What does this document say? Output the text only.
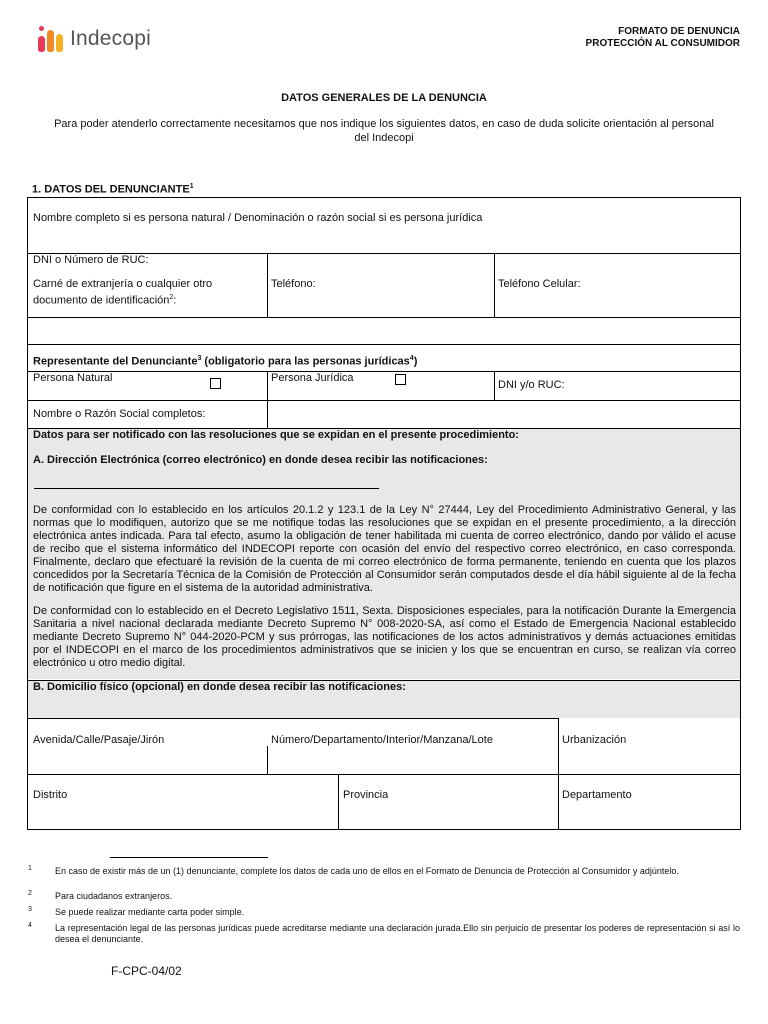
Indecopi	FORMATO DE DENUNCIA
PROTECCIÓN AL CONSUMIDOR
DATOS GENERALES DE LA DENUNCIA
Para poder atenderlo correctamente necesitamos que nos indique los siguientes datos, en caso de duda solicite orientación al personal del Indecopi
1. DATOS DEL DENUNCIANTE$^1$
Nombre completo si es persona natural / Denominación o razón social si es persona jurídica
DNI o Número de RUC:
Carné de extranjería o cualquier otro documento de identificación$^2$:
Teléfono:	Teléfono Celular:
Representante del Denunciante$^3$ (obligatorio para las personas jurídicas$^4$)
Persona Natural	Persona Jurídica
DNI y/o RUC:
Nombre o Razón Social completos:
Datos para ser notificado con las resoluciones que se expidan en el presente procedimiento:
A. Dirección Electrónica (correo electrónico) en donde desea recibir las notificaciones:
De conformidad con lo establecido en los artículos 20.1.2 y 123.1 de la Ley N° 27444, Ley del Procedimiento Administrativo General, y las normas que lo modifiquen, autorizo que se me notifique todas las resoluciones que se expidan en el presente procedimiento, a la dirección electrónica antes indicada. Para tal efecto, asumo la obligación de tener habilitada mi cuenta de correo electrónico, dando por válido el acuse de recibo que el sistema informático del INDECOPI reporte con ocasión del envío del respectivo correo electrónico, en caso corresponda. Finalmente, declaro que efectuaré la revisión de la cuenta de mi correo electrónico de forma permanente, teniendo en cuenta que los plazos concedidos por la Secretaría Técnica de la Comisión de Protección al Consumidor serán computados desde el día hábil siguiente al de la fecha de notificación que figure en el sistema de la autoridad administrativa.
De conformidad con lo establecido en el Decreto Legislativo 1511, Sexta. Disposiciones especiales, para la notificación Durante la Emergencia Sanitaria a nivel nacional declarada mediante Decreto Supremo N° 008-2020-SA, así como el Estado de Emergencia Nacional establecido mediante Decreto Supremo N° 044-2020-PCM y sus prórrogas, las notificaciones de los actos administrativos y demás actuaciones emitidas por el INDECOPI en el marco de los procedimientos administrativos que se inicien y los que se encuentran en curso, se realizan vía correo electrónico u otro medio digital.
B. Domicilio físico (opcional) en donde desea recibir las notificaciones:
Avenida/Calle/Pasaje/Jirón	Número/Departamento/Interior/Manzana/Lote	Urbanización
Distrito	Provincia	Departamento
1	En caso de existir más de un (1) denunciante, complete los datos de cada uno de ellos en el Formato de Denuncia de Protección al Consumidor y adjúntelo.
2	Para ciudadanos extranjeros.
3	Se puede realizar mediante carta poder simple.
4	La representación legal de las personas jurídicas puede acreditarse mediante una declaración jurada.Ello sin perjuicio de presentar los poderes de representación si así lo desea el denunciante.
F-CPC-04/02
